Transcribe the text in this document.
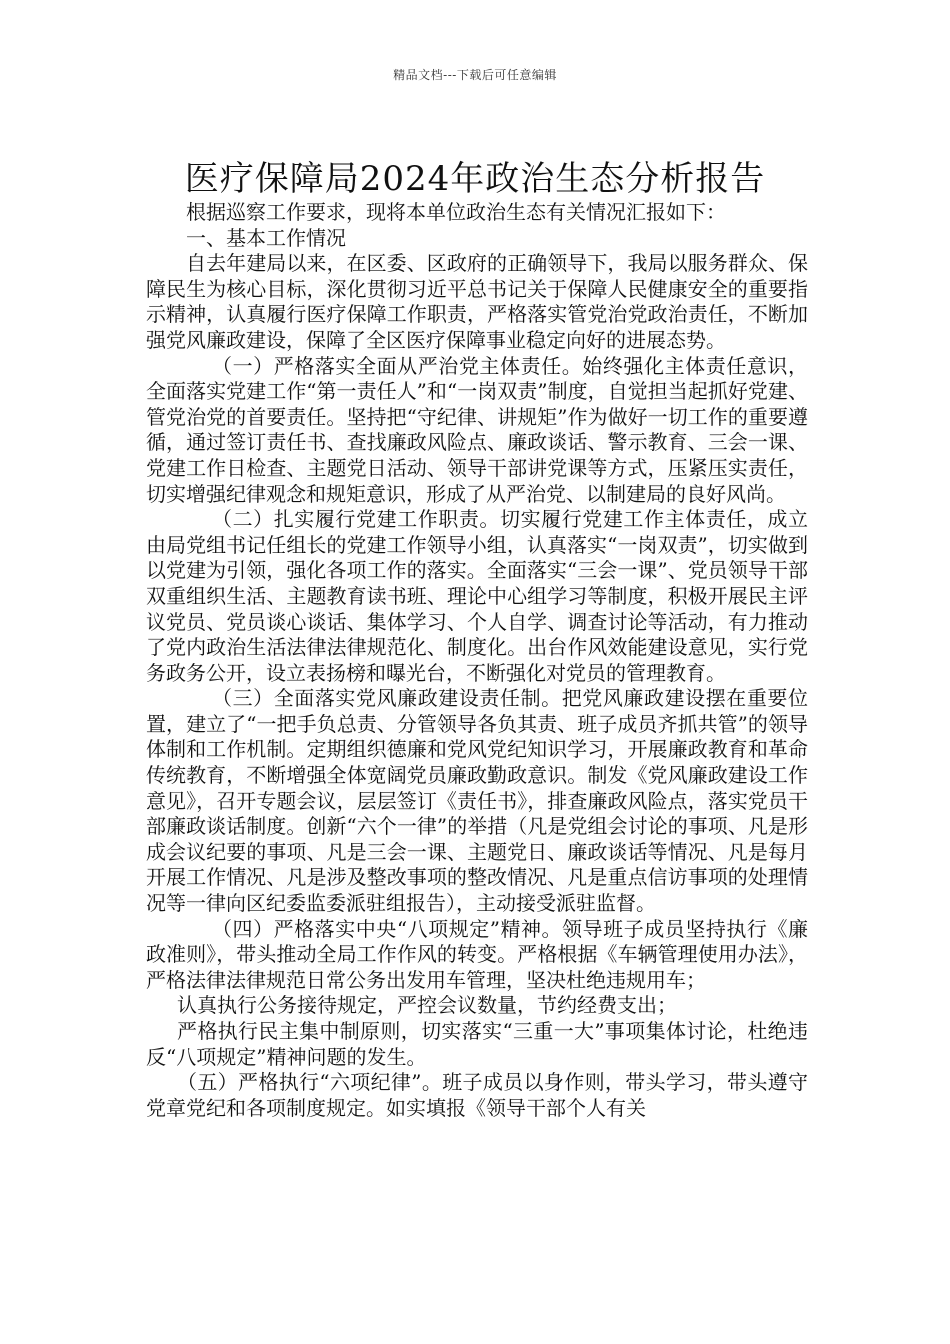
精品文档---下载后可任意编辑
医疗保障局2024年政治生态分析报告

根据巡察工作要求，现将本单位政治生态有关情况汇报如下：

一、基本工作情况

自去年建局以来，在区委、区政府的正确领导下，我局以服务群众、保障民生为核心目标，深化贯彻习近平总书记关于保障人民健康安全的重要指示精神，认真履行医疗保障工作职责，严格落实管党治党政治责任，不断加强党风廉政建设，保障了全区医疗保障事业稳定向好的进展态势。

（一）严格落实全面从严治党主体责任。始终强化主体责任意识，全面落实党建工作“第一责任人”和“一岗双责”制度，自觉担当起抓好党建、管党治党的首要责任。坚持把“守纪律、讲规矩”作为做好一切工作的重要遵循，通过签订责任书、查找廉政风险点、廉政谈话、警示教育、三会一课、党建工作日检查、主题党日活动、领导干部讲党课等方式，压紧压实责任，切实增强纪律观念和规矩意识，形成了从严治党、以制建局的良好风尚。

（二）扎实履行党建工作职责。切实履行党建工作主体责任，成立由局党组书记任组长的党建工作领导小组，认真落实“一岗双责”，切实做到以党建为引领，强化各项工作的落实。全面落实“三会一课”、党员领导干部双重组织生活、主题教育读书班、理论中心组学习等制度，积极开展民主评议党员、党员谈心谈话、集体学习、个人自学、调查讨论等活动，有力推动了党内政治生活法律法律规范化、制度化。出台作风效能建设意见，实行党务政务公开，设立表扬榜和曝光台，不断强化对党员的管理教育。

（三）全面落实党风廉政建设责任制。把党风廉政建设摆在重要位置，建立了“一把手负总责、分管领导各负其责、班子成员齐抓共管”的领导体制和工作机制。定期组织德廉和党风党纪知识学习，开展廉政教育和革命传统教育，不断增强全体宽阔党员廉政勤政意识。制发《党风廉政建设工作意见》，召开专题会议，层层签订《责任书》，排查廉政风险点，落实党员干部廉政谈话制度。创新“六个一律”的举措（凡是党组会讨论的事项、凡是形成会议纪要的事项、凡是三会一课、主题党日、廉政谈话等情况、凡是每月开展工作情况、凡是涉及整改事项的整改情况、凡是重点信访事项的处理情况等一律向区纪委监委派驻组报告），主动接受派驻监督。

（四）严格落实中央“八项规定”精神。领导班子成员坚持执行《廉政准则》，带头推动全局工作作风的转变。严格根据《车辆管理使用办法》，严格法律法律规范日常公务出发用车管理，坚决杜绝违规用车；

认真执行公务接待规定，严控会议数量，节约经费支出；

严格执行民主集中制原则，切实落实“三重一大”事项集体讨论，杜绝违反“八项规定”精神问题的发生。

（五）严格执行“六项纪律”。班子成员以身作则，带头学习，带头遵守党章党纪和各项制度规定。如实填报《领导干部个人有关
